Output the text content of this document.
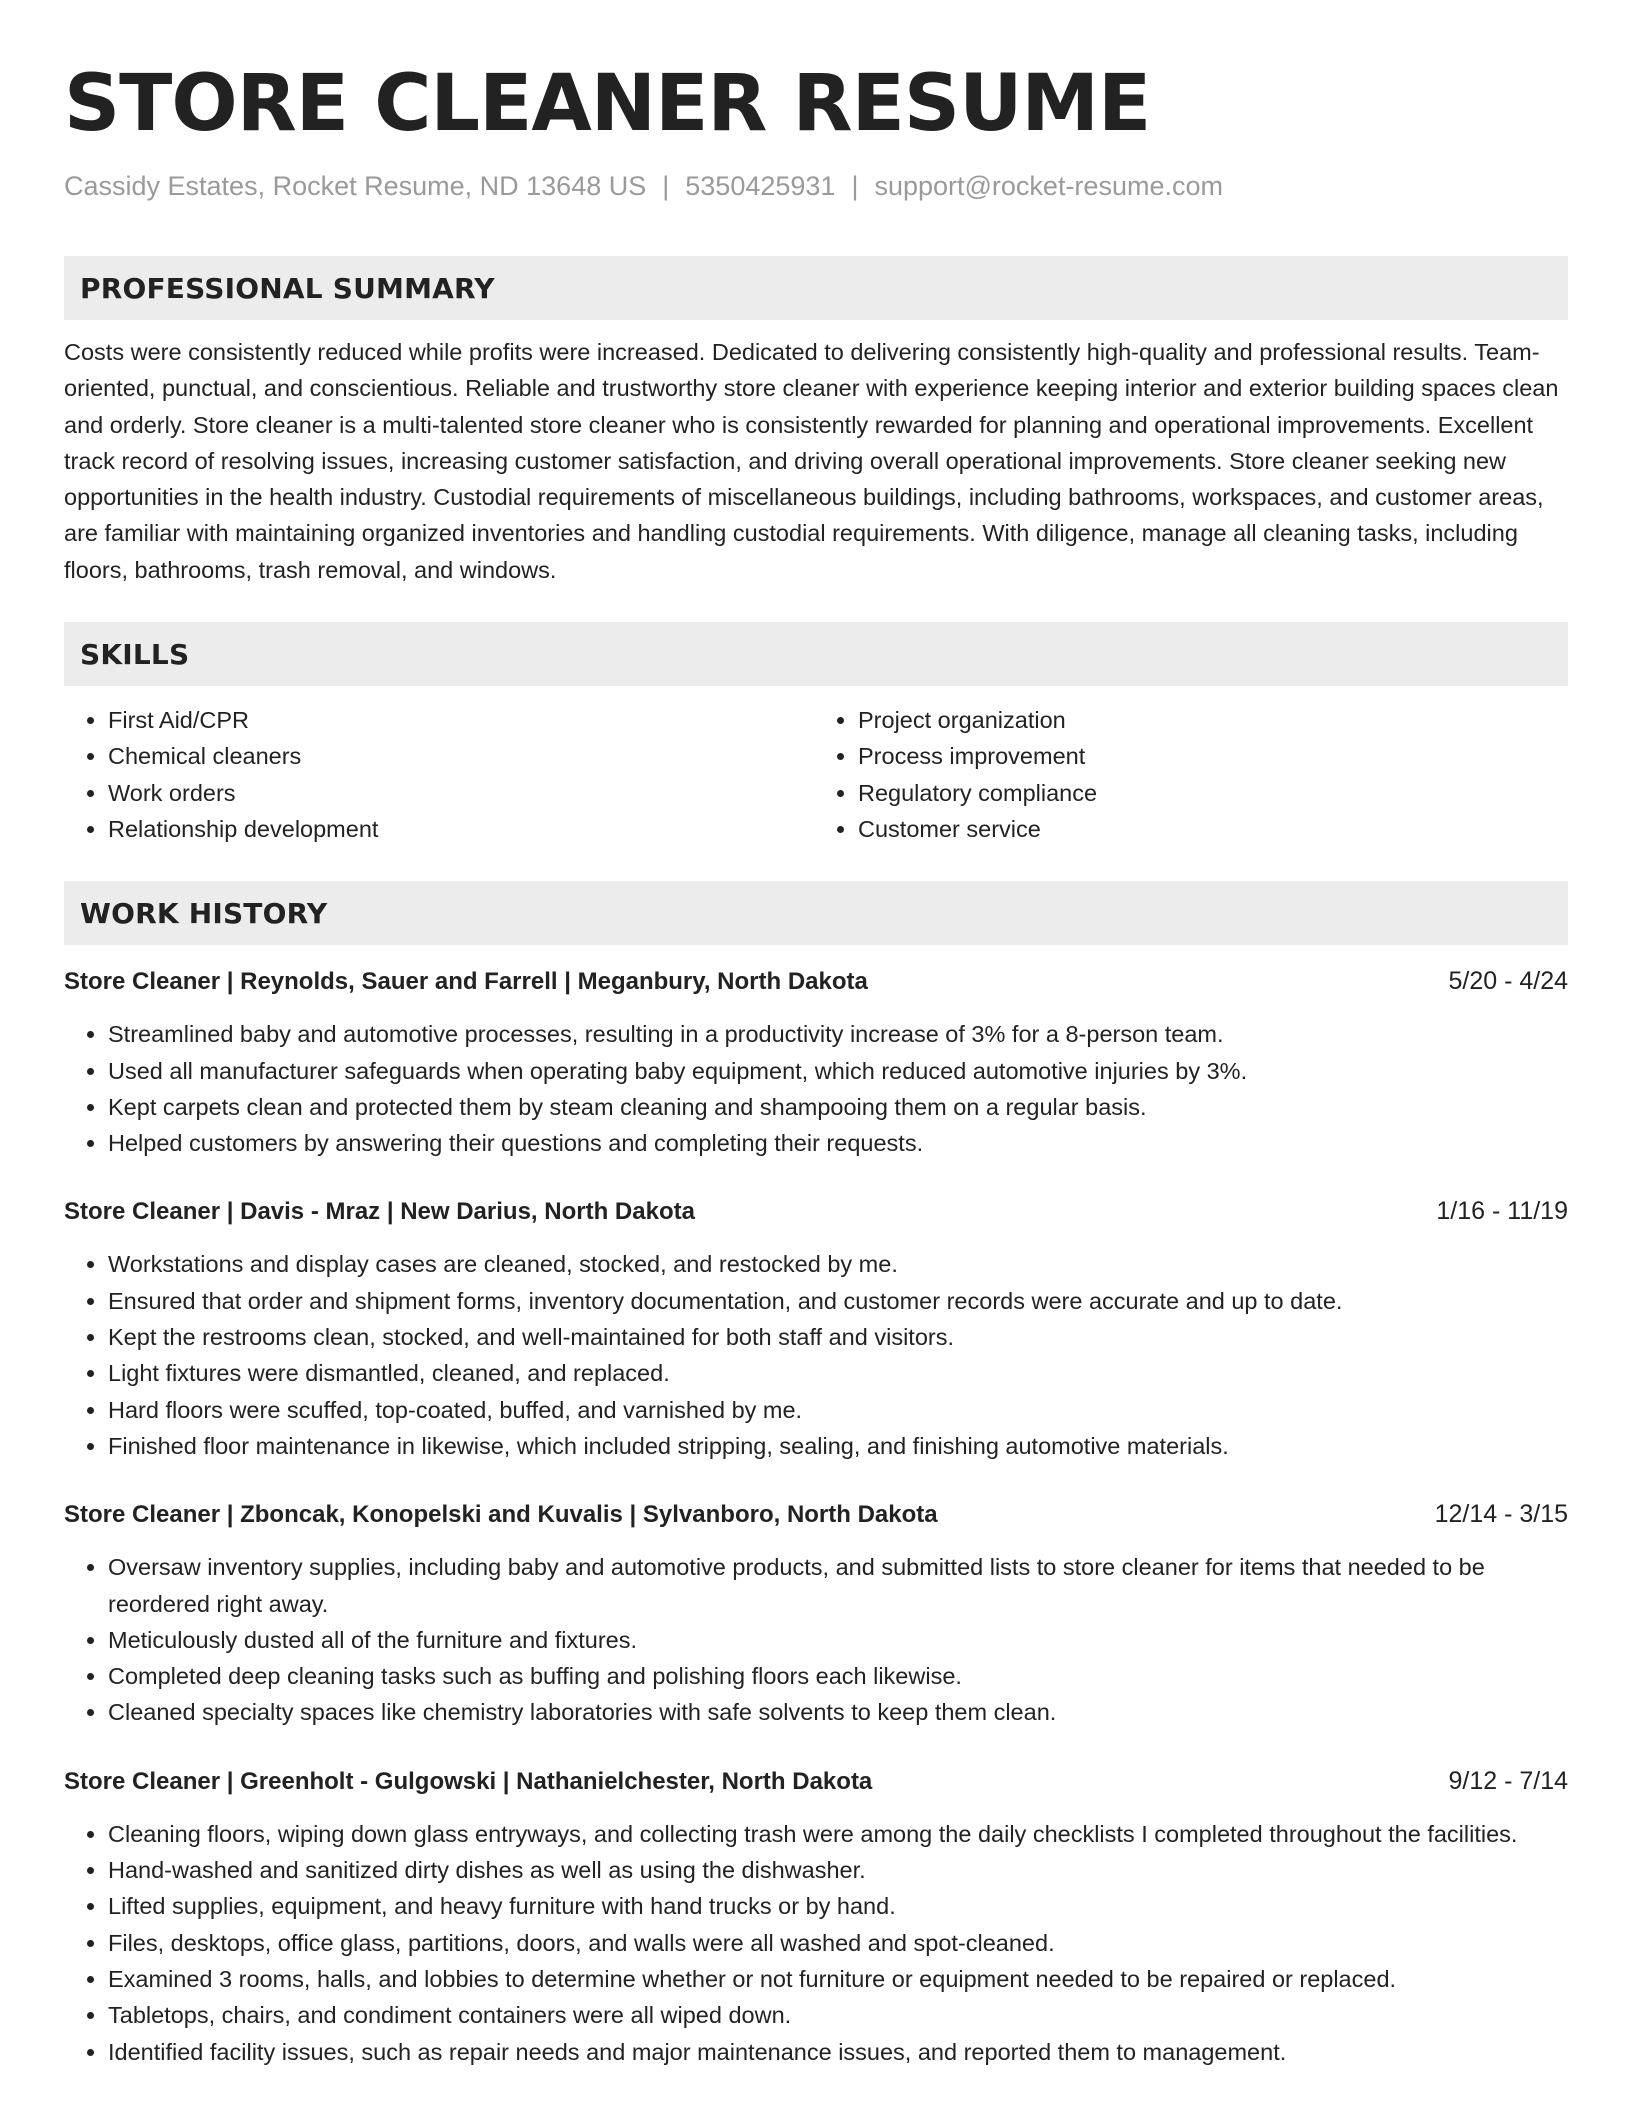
STORE CLEANER RESUME
Cassidy Estates, Rocket Resume, ND 13648 US | 5350425931 | support@rocket-resume.com
PROFESSIONAL SUMMARY

Costs were consistently reduced while profits were increased. Dedicated to delivering consistently high-quality and professional results. Team-oriented, punctual, and conscientious. Reliable and trustworthy store cleaner with experience keeping interior and exterior building spaces clean and orderly. Store cleaner is a multi-talented store cleaner who is consistently rewarded for planning and operational improvements. Excellent track record of resolving issues, increasing customer satisfaction, and driving overall operational improvements. Store cleaner seeking new opportunities in the health industry. Custodial requirements of miscellaneous buildings, including bathrooms, workspaces, and customer areas, are familiar with maintaining organized inventories and handling custodial requirements. With diligence, manage all cleaning tasks, including floors, bathrooms, trash removal, and windows.

SKILLS
• First Aid/CPR
• Chemical cleaners
• Work orders
• Relationship development
• Project organization
• Process improvement
• Regulatory compliance
• Customer service
WORK HISTORY
Store Cleaner | Reynolds, Sauer and Farrell | Meganbury, North Dakota	5/20 - 4/24
• Streamlined baby and automotive processes, resulting in a productivity increase of 3% for a 8-person team.
• Used all manufacturer safeguards when operating baby equipment, which reduced automotive injuries by 3%.
• Kept carpets clean and protected them by steam cleaning and shampooing them on a regular basis.
• Helped customers by answering their questions and completing their requests.
Store Cleaner | Davis - Mraz | New Darius, North Dakota	1/16 - 11/19
• Workstations and display cases are cleaned, stocked, and restocked by me.
• Ensured that order and shipment forms, inventory documentation, and customer records were accurate and up to date.
• Kept the restrooms clean, stocked, and well-maintained for both staff and visitors.
• Light fixtures were dismantled, cleaned, and replaced.
• Hard floors were scuffed, top-coated, buffed, and varnished by me.
• Finished floor maintenance in likewise, which included stripping, sealing, and finishing automotive materials.
Store Cleaner | Zboncak, Konopelski and Kuvalis | Sylvanboro, North Dakota	12/14 - 3/15
• Oversaw inventory supplies, including baby and automotive products, and submitted lists to store cleaner for items that needed to be reordered right away.
• Meticulously dusted all of the furniture and fixtures.
• Completed deep cleaning tasks such as buffing and polishing floors each likewise.
• Cleaned specialty spaces like chemistry laboratories with safe solvents to keep them clean.
Store Cleaner | Greenholt - Gulgowski | Nathanielchester, North Dakota	9/12 - 7/14
• Cleaning floors, wiping down glass entryways, and collecting trash were among the daily checklists I completed throughout the facilities.
• Hand-washed and sanitized dirty dishes as well as using the dishwasher.
• Lifted supplies, equipment, and heavy furniture with hand trucks or by hand.
• Files, desktops, office glass, partitions, doors, and walls were all washed and spot-cleaned.
• Examined 3 rooms, halls, and lobbies to determine whether or not furniture or equipment needed to be repaired or replaced.
• Tabletops, chairs, and condiment containers were all wiped down.
• Identified facility issues, such as repair needs and major maintenance issues, and reported them to management.
